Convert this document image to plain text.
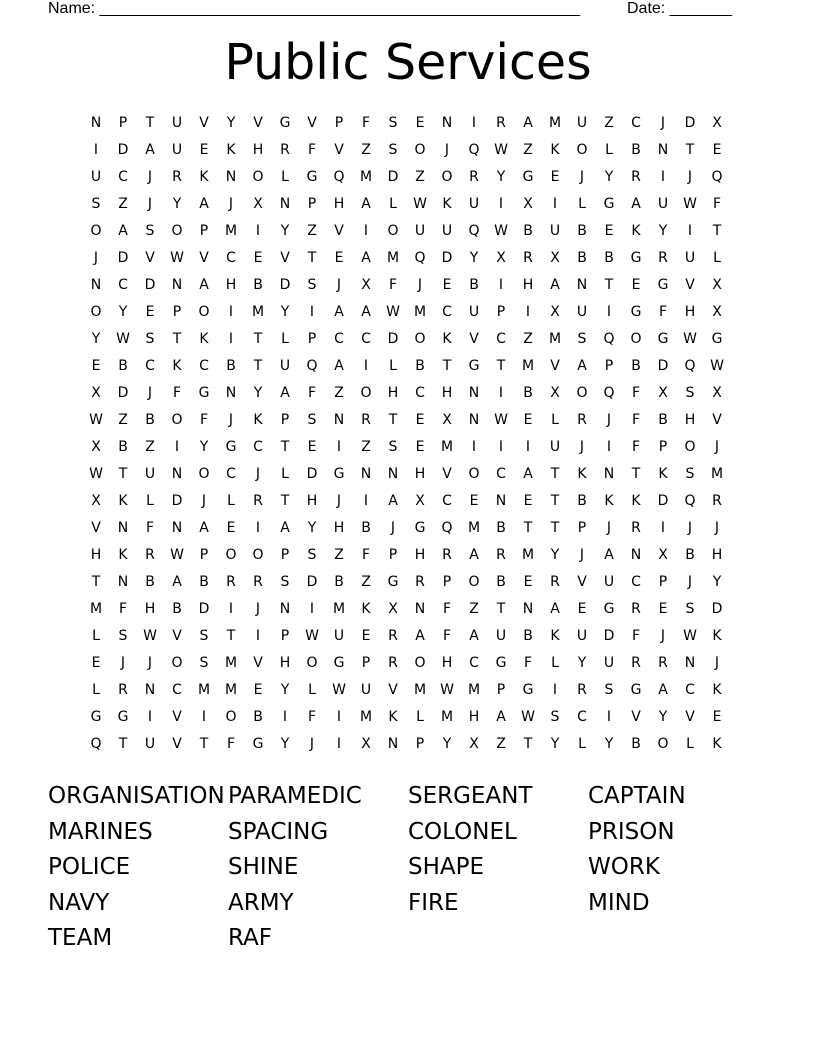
Name: ______________________________________________________	Date: _______
Public Services
N	P	T	U	V	Y	V	G	V	P	F	S	E	N	I	R	A	M	U	Z	C	J	D	X
I	D	A	U	E	K	H	R	F	V	Z	S	O	J	Q	W	Z	K	O	L	B	N	T	E
U	C	J	R	K	N	O	L	G	Q	M	D	Z	O	R	Y	G	E	J	Y	R	I	J	Q
S	Z	J	Y	A	J	X	N	P	H	A	L	W	K	U	I	X	I	L	G	A	U	W	F
O	A	S	O	P	M	I	Y	Z	V	I	O	U	U	Q	W	B	U	B	E	K	Y	I	T
J	D	V	W	V	C	E	V	T	E	A	M	Q	D	Y	X	R	X	B	B	G	R	U	L
N	C	D	N	A	H	B	D	S	J	X	F	J	E	B	I	H	A	N	T	E	G	V	X
O	Y	E	P	O	I	M	Y	I	A	A	W	M	C	U	P	I	X	U	I	G	F	H	X
Y	W	S	T	K	I	T	L	P	C	C	D	O	K	V	C	Z	M	S	Q	O	G	W	G
E	B	C	K	C	B	T	U	Q	A	I	L	B	T	G	T	M	V	A	P	B	D	Q	W
X	D	J	F	G	N	Y	A	F	Z	O	H	C	H	N	I	B	X	O	Q	F	X	S	X
W	Z	B	O	F	J	K	P	S	N	R	T	E	X	N	W	E	L	R	J	F	B	H	V
X	B	Z	I	Y	G	C	T	E	I	Z	S	E	M	I	I	I	U	J	I	F	P	O	J
W	T	U	N	O	C	J	L	D	G	N	N	H	V	O	C	A	T	K	N	T	K	S	M
X	K	L	D	J	L	R	T	H	J	I	A	X	C	E	N	E	T	B	K	K	D	Q	R
V	N	F	N	A	E	I	A	Y	H	B	J	G	Q	M	B	T	T	P	J	R	I	J	J
H	K	R	W	P	O	O	P	S	Z	F	P	H	R	A	R	M	Y	J	A	N	X	B	H
T	N	B	A	B	R	R	S	D	B	Z	G	R	P	O	B	E	R	V	U	C	P	J	Y
M	F	H	B	D	I	J	N	I	M	K	X	N	F	Z	T	N	A	E	G	R	E	S	D
L	S	W	V	S	T	I	P	W	U	E	R	A	F	A	U	B	K	U	D	F	J	W	K
E	J	J	O	S	M	V	H	O	G	P	R	O	H	C	G	F	L	Y	U	R	R	N	J
L	R	N	C	M	M	E	Y	L	W	U	V	M	W	M	P	G	I	R	S	G	A	C	K
G	G	I	V	I	O	B	I	F	I	M	K	L	M	H	A	W	S	C	I	V	Y	V	E
Q	T	U	V	T	F	G	Y	J	I	X	N	P	Y	X	Z	T	Y	L	Y	B	O	L	K
ORGANISATION PARAMEDIC SERGEANT CAPTAIN
MARINES	SPACING	COLONEL	PRISON
POLICE	SHINE	SHAPE	WORK
NAVY	ARMY	FIRE	MIND
TEAM	RAF
